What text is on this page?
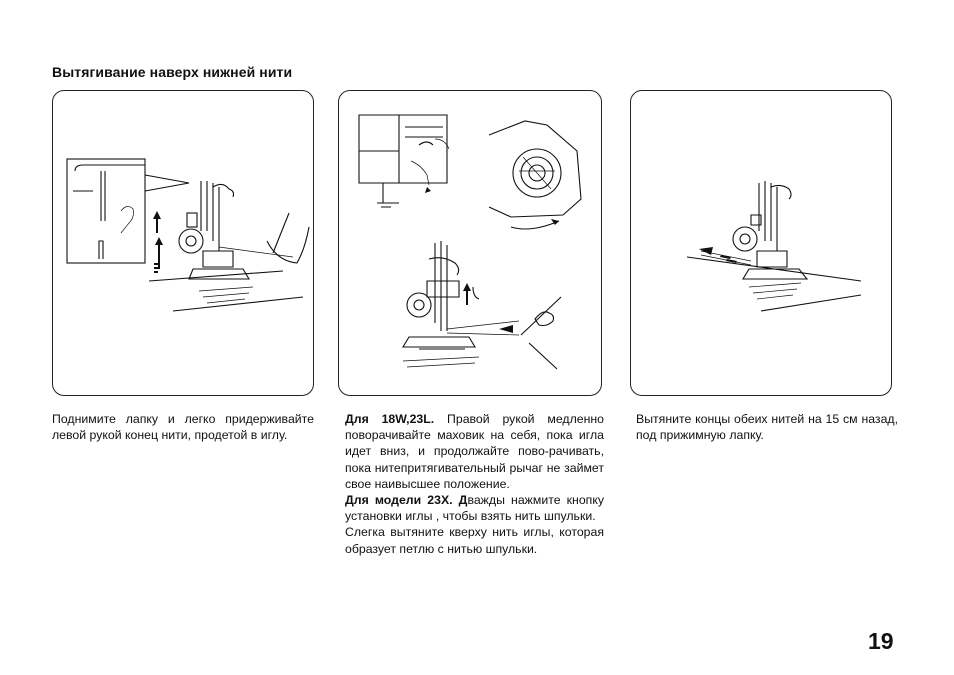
Вытягивание наверх нижней нити

Поднимите лапку и легко придерживайте левой рукой конец нити, продетой в иглу.

Для 18W,23L. Правой рукой медленно поворачивайте маховик на себя, пока игла идет вниз, и продолжайте пово-рачивать, пока нитепритягивательный рычаг не займет свое наивысшее положение.

Для модели 23X. Дважды нажмите кнопку установки иглы , чтобы взять нить шпульки.

Слегка вытяните кверху нить иглы, которая образует петлю с нитью шпульки.

Вытяните концы обеих нитей на 15 см назад, под прижимную лапку.

19
